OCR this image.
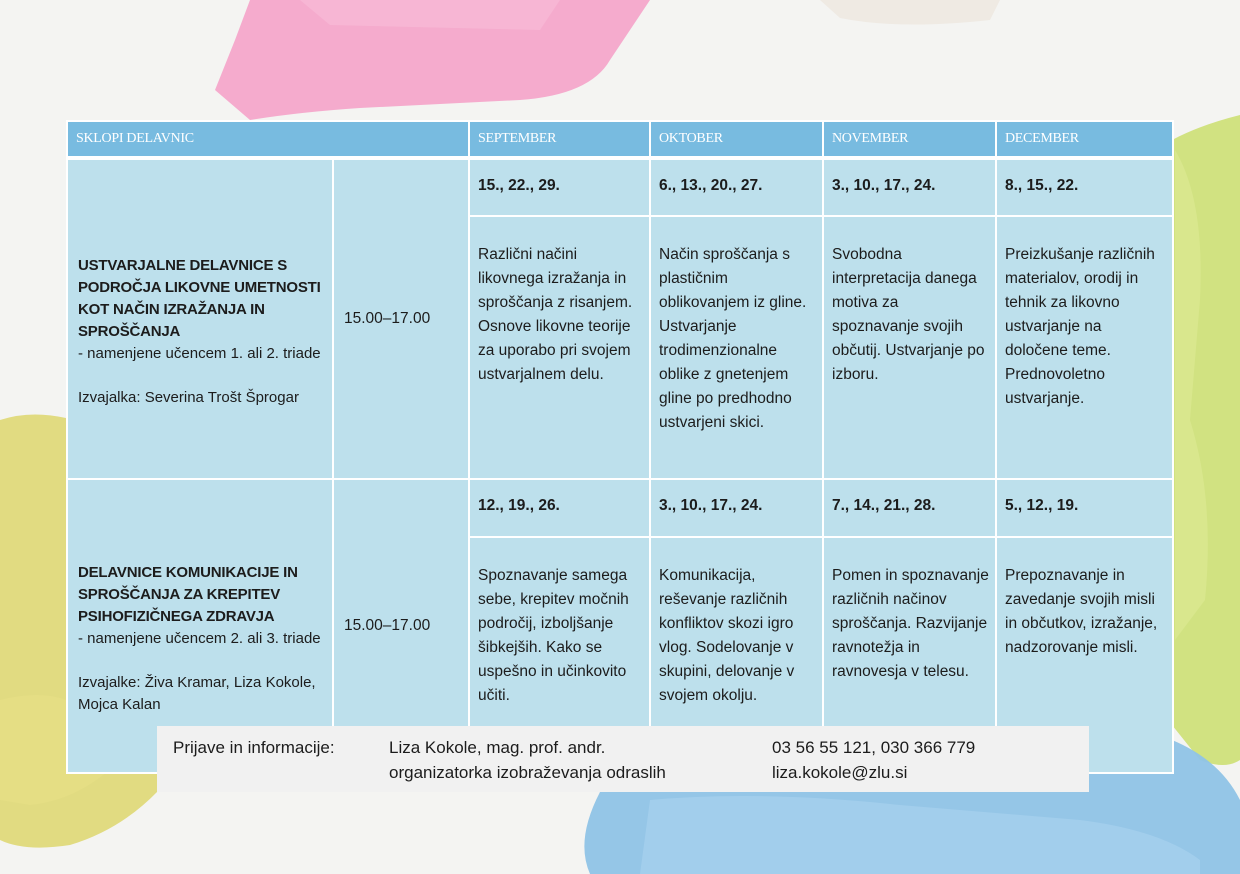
SKLOPI DELAVNIC		SEPTEMBER	OKTOBER	NOVEMBER	DECEMBER

USTVARJALNE DELAVNICE S PODROČJA LIKOVNE UMETNOSTI KOT NAČIN IZRAŽANJA IN SPROŠČANJA
- namenjene učencem 1. ali 2. triade
Izvajalka: Severina Trošt Šprogar	15.00–17.00	15., 22., 29.	6., 13., 20., 27.	3., 10., 17., 24.	8., 15., 22.
		Različni načini likovnega izražanja in sproščanja z risanjem. Osnove likovne teorije za uporabo pri svojem ustvarjalnem delu.	Način sproščanja s plastičnim oblikovanjem iz gline. Ustvarjanje trodimenzionalne oblike z gnetenjem gline po predhodno ustvarjeni skici.	Svobodna interpretacija danega motiva za spoznavanje svojih občutij. Ustvarjanje po izboru.	Preizkušanje različnih materialov, orodij in tehnik za likovno ustvarjanje na določene teme. Prednovoletno ustvarjanje.

DELAVNICE KOMUNIKACIJE IN SPROŠČANJA ZA KREPITEV PSIHOFIZIČNEGA ZDRAVJA
- namenjene učencem 2. ali 3. triade
Izvajalke: Živa Kramar, Liza Kokole, Mojca Kalan	15.00–17.00	12., 19., 26.	3., 10., 17., 24.	7., 14., 21., 28.	5., 12., 19.
		Spoznavanje samega sebe, krepitev močnih področij, izboljšanje šibkejših. Kako se uspešno in učinkovito učiti.	Komunikacija, reševanje različnih konfliktov skozi igro vlog. Sodelovanje v skupini, delovanje v svojem okolju.	Pomen in spoznavanje različnih načinov sproščanja. Razvijanje ravnotežja in ravnovesja v telesu.	Prepoznavanje in zavedanje svojih misli in občutkov, izražanje, nadzorovanje misli.
Prijave in informacije:	Liza Kokole, mag. prof. andr.
organizatorka izobraževanja odraslih
03 56 55 121, 030 366 779
liza.kokole@zlu.si
